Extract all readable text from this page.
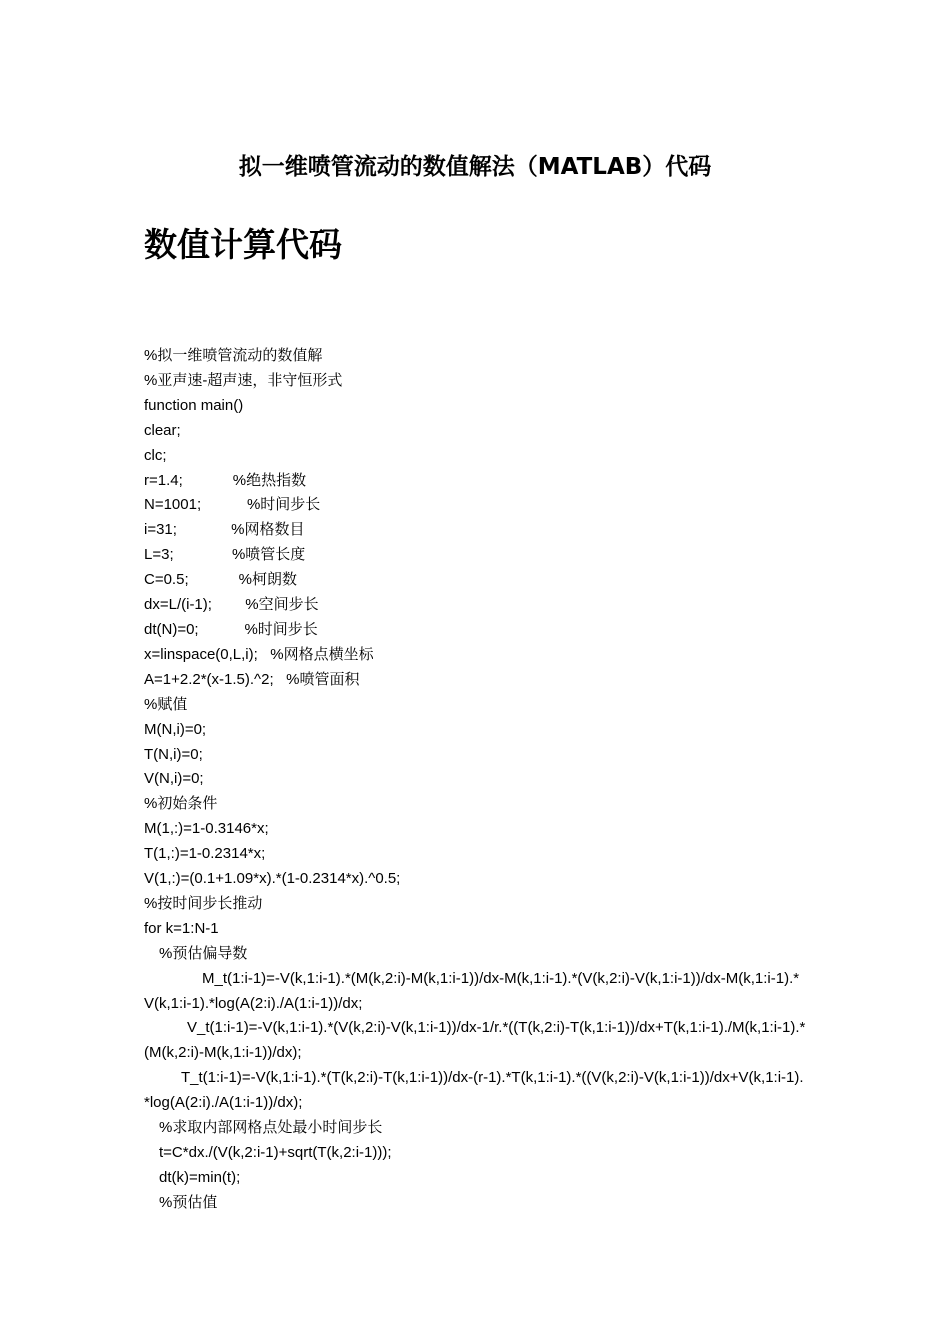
拟一维喷管流动的数值解法（MATLAB）代码
数值计算代码
%拟一维喷管流动的数值解
%亚声速-超声速，非守恒形式
function main()
clear;
clc;
r=1.4;            %绝热指数
N=1001;           %时间步长
i=31;             %网格数目
L=3;              %喷管长度
C=0.5;            %柯朗数
dx=L/(i-1);        %空间步长
dt(N)=0;           %时间步长
x=linspace(0,L,i);   %网格点横坐标
A=1+2.2*(x-1.5).^2;   %喷管面积
%赋值
M(N,i)=0;
T(N,i)=0;
V(N,i)=0;
%初始条件
M(1,:)=1-0.3146*x;
T(1,:)=1-0.2314*x;
V(1,:)=(0.1+1.09*x).*(1-0.2314*x).^0.5;
%按时间步长推动
for k=1:N-1
%预估偏导数
M_t(1:i-1)=-V(k,1:i-1).*(M(k,2:i)-M(k,1:i-1))/dx-M(k,1:i-1).*(V(k,2:i)-V(k,1:i-1))/dx-M(k,1:i-1).*V(k,1:i-1).*log(A(2:i)./A(1:i-1))/dx;
V_t(1:i-1)=-V(k,1:i-1).*(V(k,2:i)-V(k,1:i-1))/dx-1/r.*((T(k,2:i)-T(k,1:i-1))/dx+T(k,1:i-1)./M(k,1:i-1).*(M(k,2:i)-M(k,1:i-1))/dx);
T_t(1:i-1)=-V(k,1:i-1).*(T(k,2:i)-T(k,1:i-1))/dx-(r-1).*T(k,1:i-1).*((V(k,2:i)-V(k,1:i-1))/dx+V(k,1:i-1).*log(A(2:i)./A(1:i-1))/dx);
%求取内部网格点处最小时间步长
t=C*dx./(V(k,2:i-1)+sqrt(T(k,2:i-1)));
dt(k)=min(t);
%预估值
